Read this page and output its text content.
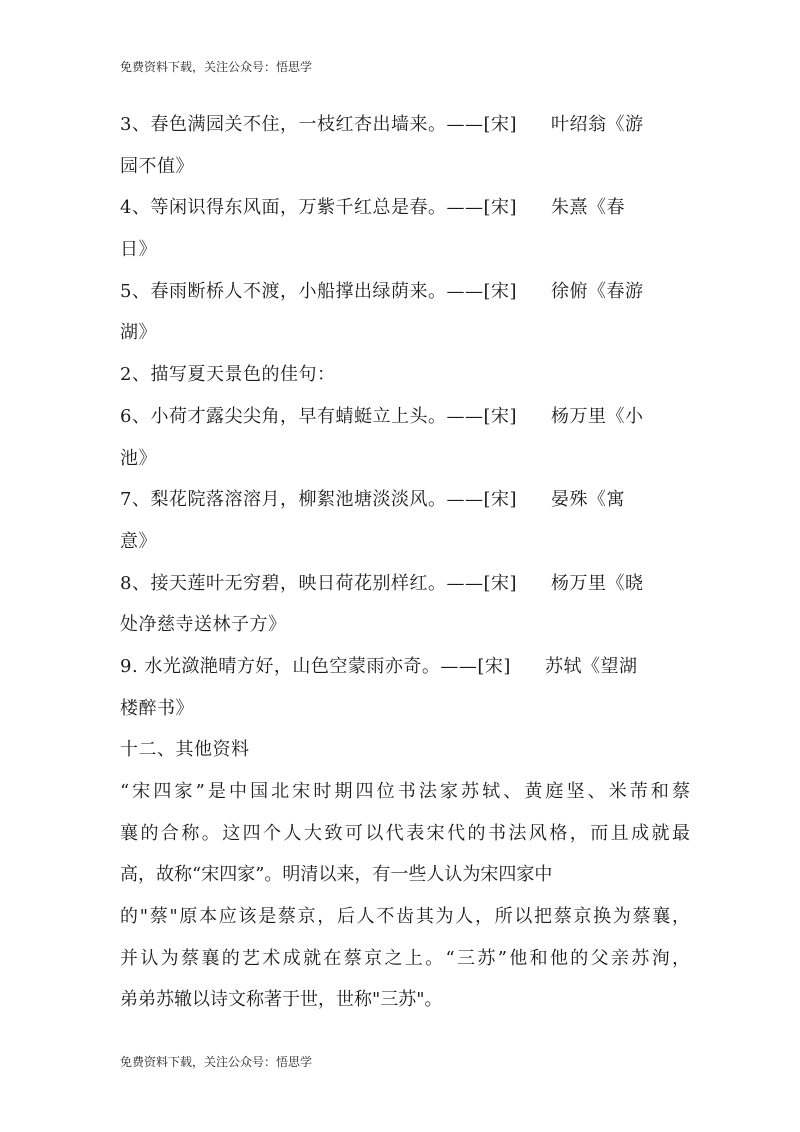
免费资料下载，关注公众号：悟思学
3、春色满园关不住，一枝红杏出墙来。——[宋] 叶绍翁《游
园不值》
4、等闲识得东风面，万紫千红总是春。——[宋] 朱熹《春
日》
5、春雨断桥人不渡，小船撑出绿荫来。——[宋] 徐俯《春游
湖》
2、描写夏天景色的佳句：
6、小荷才露尖尖角，早有蜻蜓立上头。——[宋] 杨万里《小
池》
7、梨花院落溶溶月，柳絮池塘淡淡风。——[宋] 晏殊《寓
意》
8、接天莲叶无穷碧，映日荷花别样红。——[宋] 杨万里《晓
处净慈寺送林子方》
9. 水光潋滟晴方好，山色空蒙雨亦奇。——[宋] 苏轼《望湖
楼醉书》
十二、其他资料
“宋四家”是中国北宋时期四位书法家苏轼、黄庭坚、米芾和蔡
襄的合称。这四个人大致可以代表宋代的书法风格，而且成就最
高，故称“宋四家”。明清以来，有一些人认为宋四家中
的"蔡"原本应该是蔡京，后人不齿其为人，所以把蔡京换为蔡襄，
并认为蔡襄的艺术成就在蔡京之上。“三苏”他和他的父亲苏洵，
弟弟苏辙以诗文称著于世，世称"三苏"。
免费资料下载，关注公众号：悟思学
